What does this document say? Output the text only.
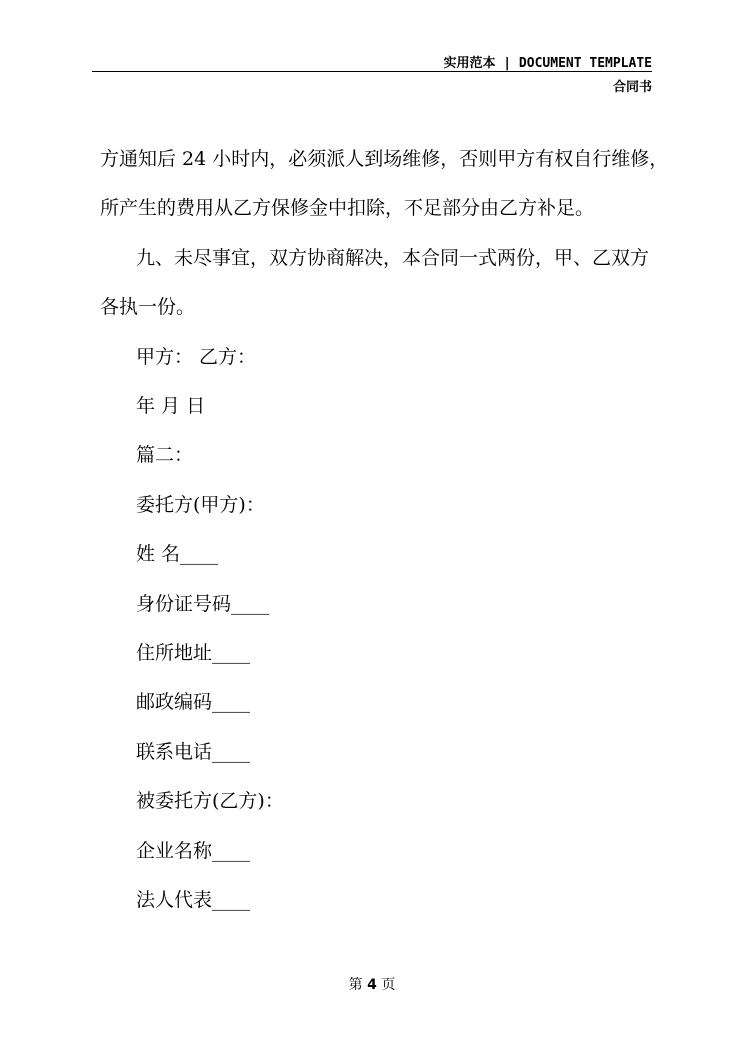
实用范本 | DOCUMENT TEMPLATE
合同书
方通知后 24 小时内，必须派人到场维修，否则甲方有权自行维修，
所产生的费用从乙方保修金中扣除，不足部分由乙方补足。
九、未尽事宜，双方协商解决，本合同一式两份，甲、乙双方
各执一份。
甲方： 乙方：
年 月 日
篇二：
委托方(甲方)：
姓 名____
身份证号码____
住所地址____
邮政编码____
联系电话____
被委托方(乙方)：
企业名称____
法人代表____
第 4 页
